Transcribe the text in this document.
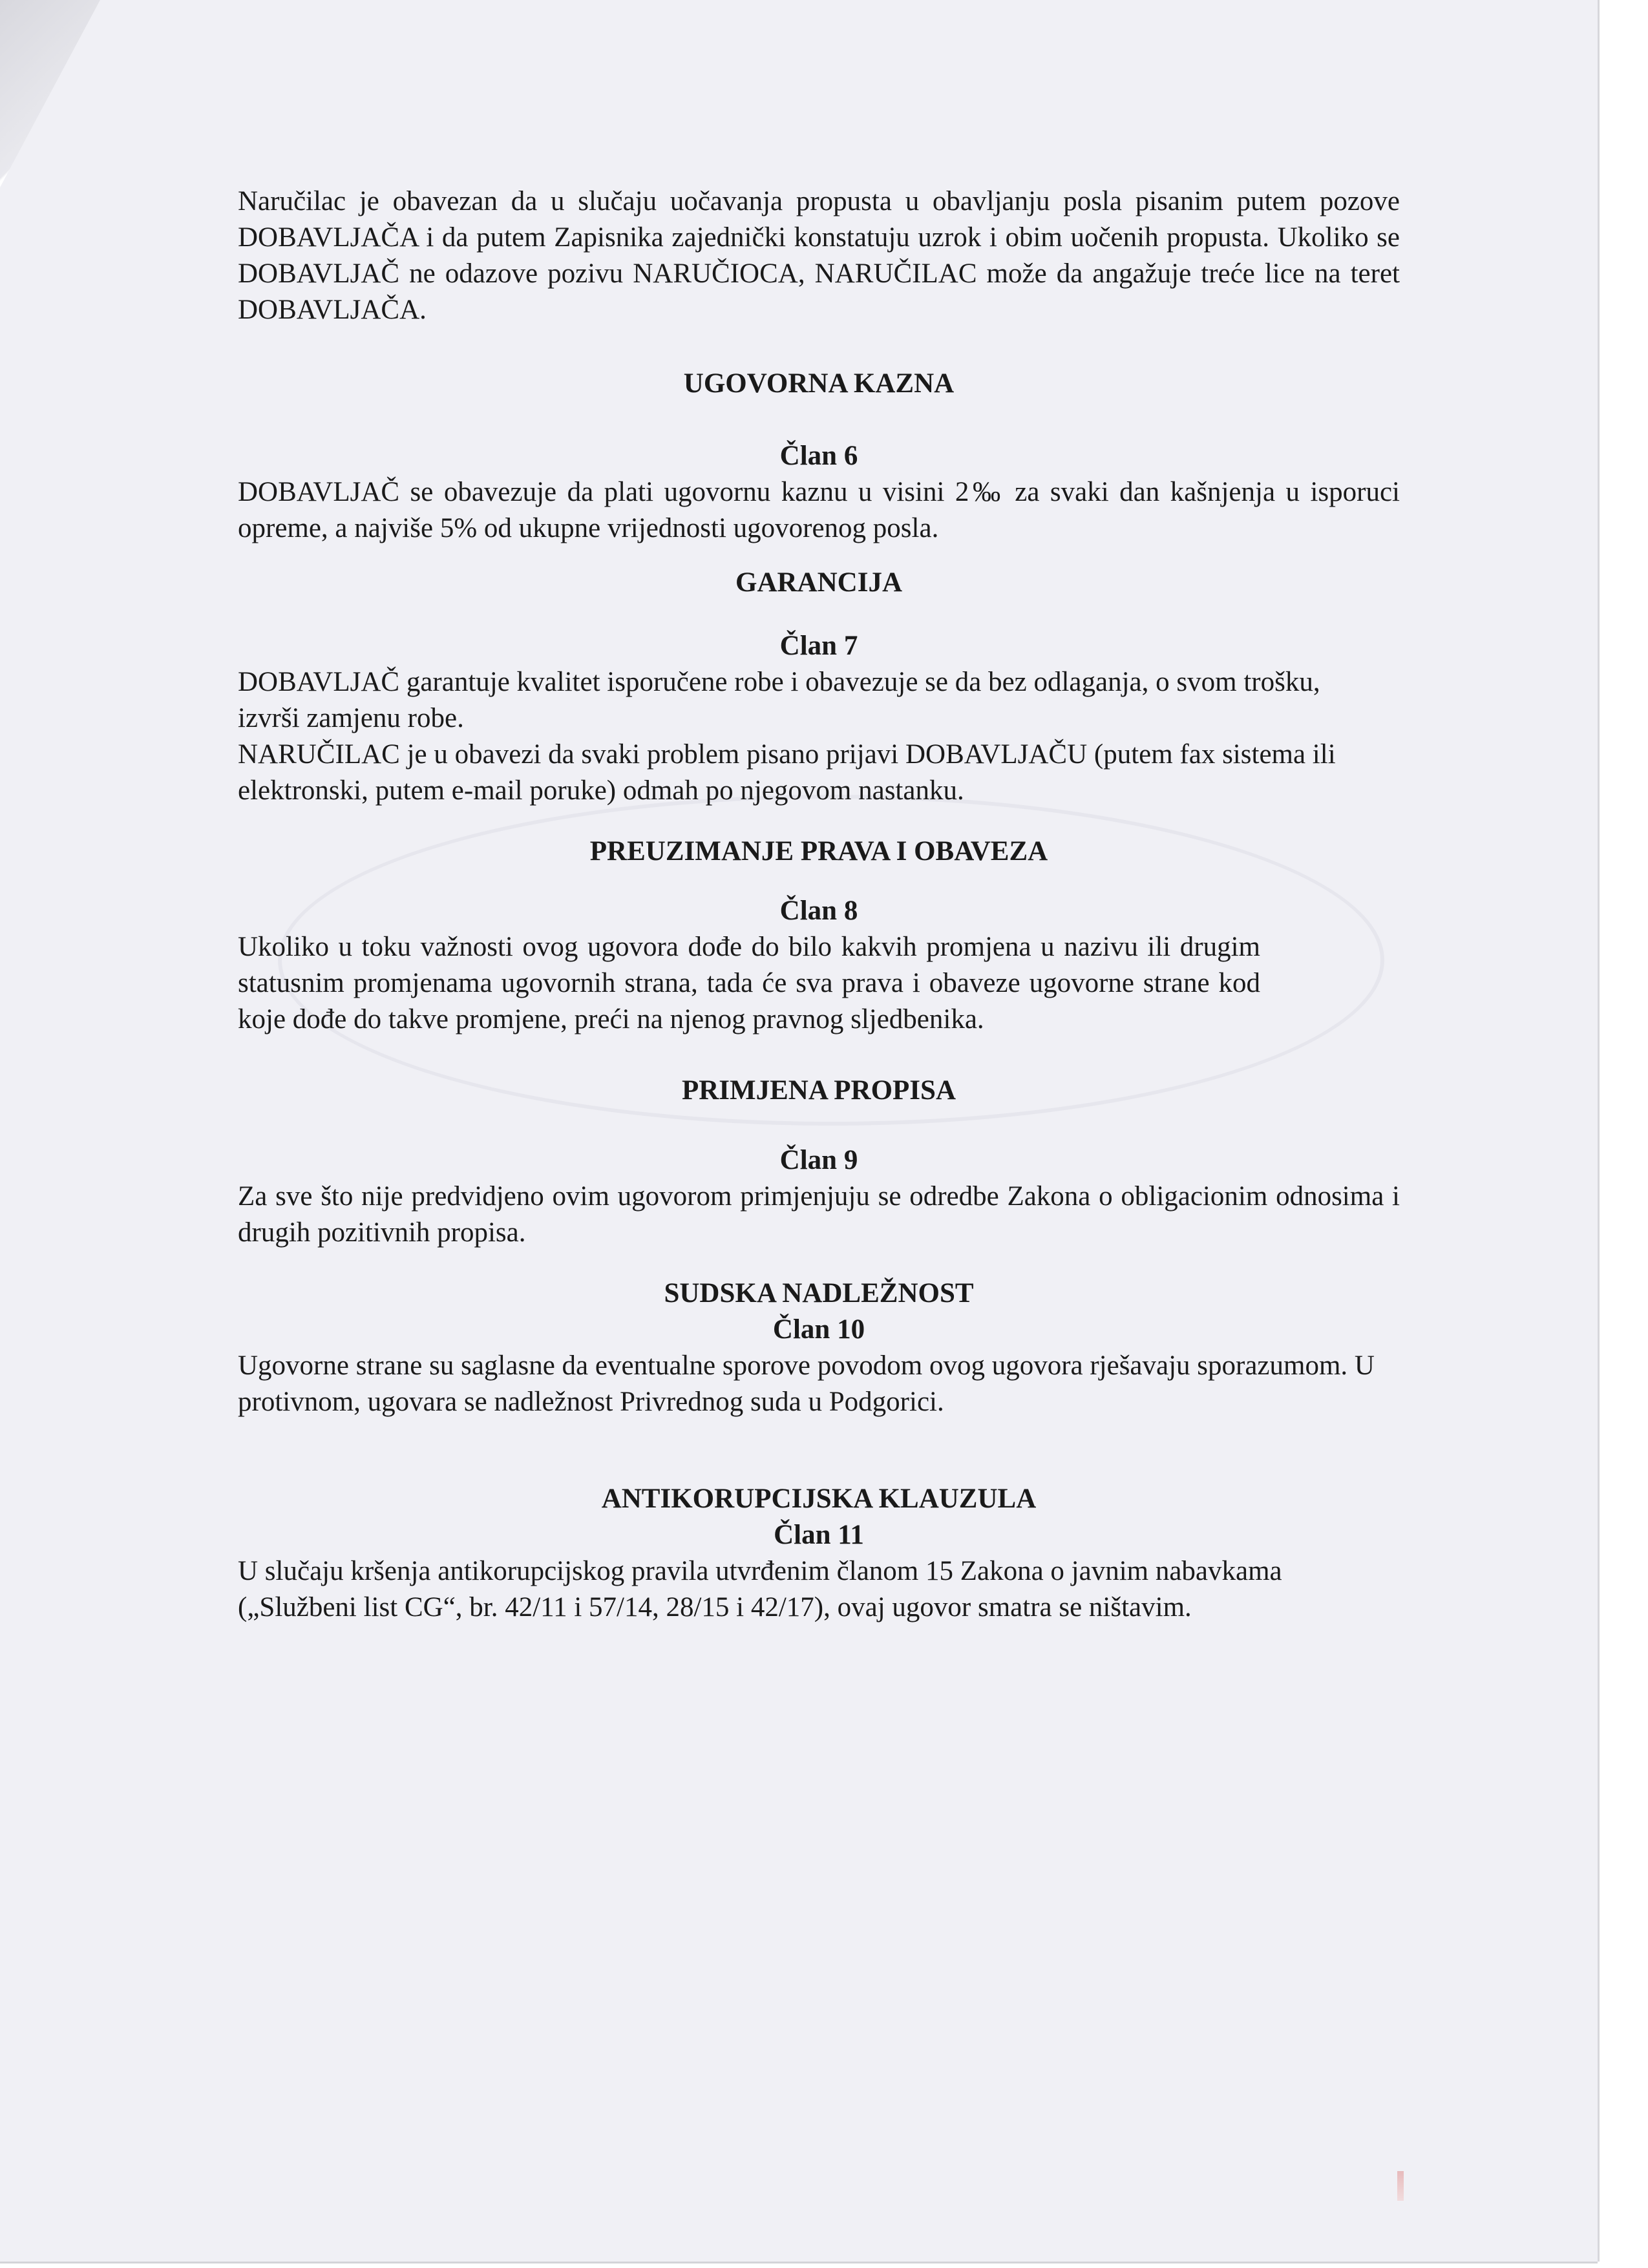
Naručilac je obavezan da u slučaju uočavanja propusta u obavljanju posla pisanim putem pozove DOBAVLJAČA i da putem Zapisnika zajednički konstatuju uzrok i obim uočenih propusta. Ukoliko se DOBAVLJAČ ne odazove pozivu NARUČIOCA, NARUČILAC može da angažuje treće lice na teret DOBAVLJAČA.

UGOVORNA KAZNA

Član 6

DOBAVLJAČ se obavezuje da plati ugovornu kaznu u visini 2‰ za svaki dan kašnjenja u isporuci opreme, a najviše 5% od ukupne vrijednosti ugovorenog posla.

GARANCIJA

Član 7

DOBAVLJAČ garantuje kvalitet isporučene robe i obavezuje se da bez odlaganja, o svom trošku, izvrši zamjenu robe.

NARUČILAC je u obavezi da svaki problem pisano prijavi DOBAVLJAČU (putem fax sistema ili elektronski, putem e-mail poruke) odmah po njegovom nastanku.

PREUZIMANJE PRAVA I OBAVEZA

Član 8

Ukoliko u toku važnosti ovog ugovora dođe do bilo kakvih promjena u nazivu ili drugim statusnim promjenama ugovornih strana, tada će sva prava i obaveze ugovorne strane kod koje dođe do takve promjene, preći na njenog pravnog sljedbenika.

PRIMJENA PROPISA

Član 9

Za sve što nije predvidjeno ovim ugovorom primjenjuju se odredbe Zakona o obligacionim odnosima i drugih pozitivnih propisa.

SUDSKA NADLEŽNOST

Član 10

Ugovorne strane su saglasne da eventualne sporove povodom ovog ugovora rješavaju sporazumom. U protivnom, ugovara se nadležnost Privrednog suda u Podgorici.

ANTIKORUPCIJSKA KLAUZULA

Član 11

U slučaju kršenja antikorupcijskog pravila utvrđenim članom 15 Zakona o javnim nabavkama („Službeni list CG“, br. 42/11 i 57/14, 28/15 i 42/17), ovaj ugovor smatra se ništavim.
